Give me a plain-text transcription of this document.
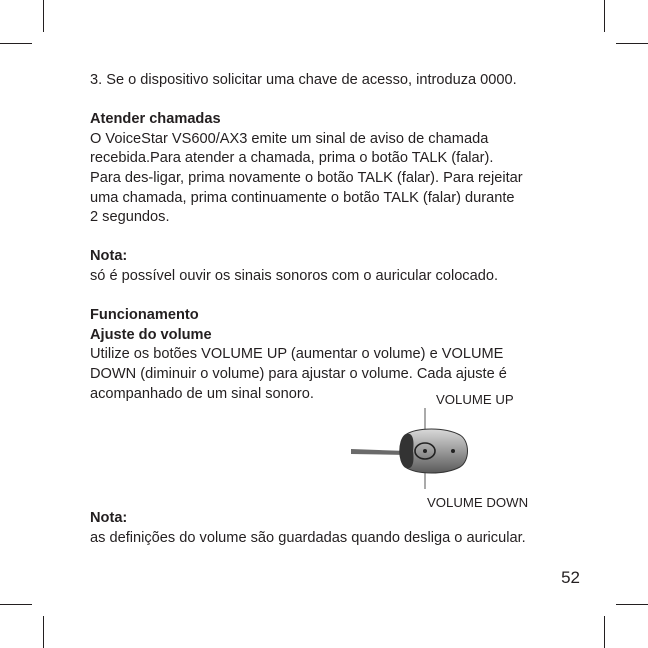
3. Se o dispositivo solicitar uma chave de acesso, introduza 0000.

Atender chamadas

O VoiceStar VS600/AX3 emite um sinal de aviso de chamada

recebida.Para atender a chamada, prima o botão TALK (falar).

Para des-ligar, prima novamente o botão TALK (falar). Para rejeitar

uma chamada, prima continuamente o botão TALK (falar) durante

2 segundos.

Nota:

só é possível ouvir os sinais sonoros com o auricular colocado.

Funcionamento

Ajuste do volume

Utilize os botões VOLUME UP (aumentar o volume) e VOLUME

DOWN (diminuir o volume) para ajustar o volume. Cada ajuste é

acompanhado de um sinal sonoro.	VOLUME UP
VOLUME DOWN

Nota:

as definições do volume são guardadas quando desliga o auricular.

52
